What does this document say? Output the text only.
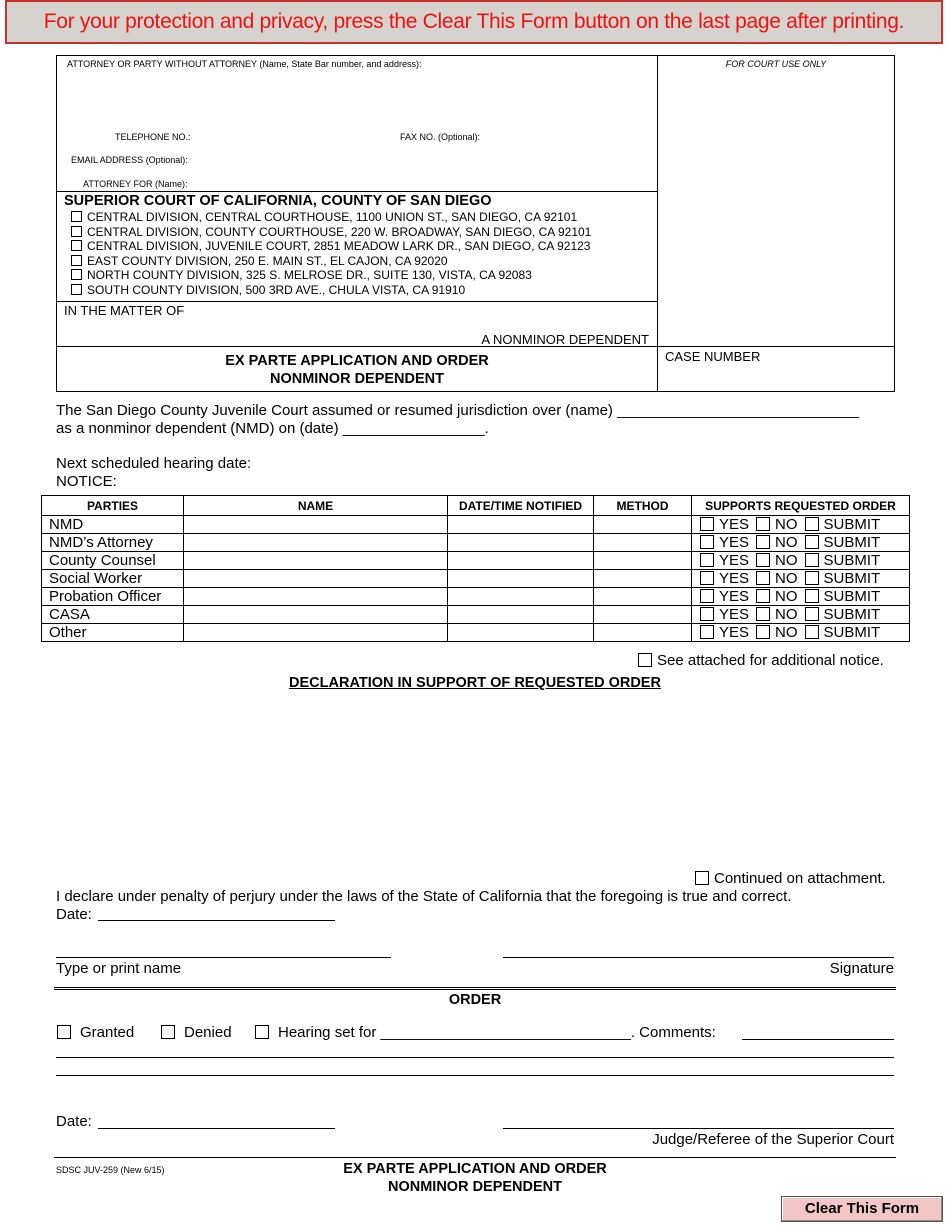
For your protection and privacy, press the Clear This Form button on the last page after printing.
ATTORNEY OR PARTY WITHOUT ATTORNEY (Name, State Bar number, and address):	FOR COURT USE ONLY
TELEPHONE NO.:	FAX NO. (Optional):
EMAIL ADDRESS (Optional):
ATTORNEY FOR (Name):
SUPERIOR COURT OF CALIFORNIA, COUNTY OF SAN DIEGO
CENTRAL DIVISION, CENTRAL COURTHOUSE, 1100 UNION ST., SAN DIEGO, CA 92101
CENTRAL DIVISION, COUNTY COURTHOUSE, 220 W. BROADWAY, SAN DIEGO, CA 92101
CENTRAL DIVISION, JUVENILE COURT, 2851 MEADOW LARK DR., SAN DIEGO, CA 92123
EAST COUNTY DIVISION, 250 E. MAIN ST., EL CAJON, CA 92020
NORTH COUNTY DIVISION, 325 S. MELROSE DR., SUITE 130, VISTA, CA 92083
SOUTH COUNTY DIVISION, 500 3RD AVE., CHULA VISTA, CA 91910
IN THE MATTER OF
A NONMINOR DEPENDENT
EX PARTE APPLICATION AND ORDER
NONMINOR DEPENDENT
CASE NUMBER
The San Diego County Juvenile Court assumed or resumed jurisdiction over (name) _____________________________
as a nonminor dependent (NMD) on (date) _________________.
Next scheduled hearing date:
NOTICE:
PARTIES	NAME	DATE/TIME NOTIFIED	METHOD	SUPPORTS REQUESTED ORDER
NMD				YES NO SUBMIT
NMD’s Attorney				YES NO SUBMIT
County Counsel				YES NO SUBMIT
Social Worker				YES NO SUBMIT
Probation Officer				YES NO SUBMIT
CASA				YES NO SUBMIT
Other				YES NO SUBMIT
See attached for additional notice.
DECLARATION IN SUPPORT OF REQUESTED ORDER
Continued on attachment.
I declare under penalty of perjury under the laws of the State of California that the foregoing is true and correct.
Date:
Type or print name	Signature
ORDER
Granted	Denied	Hearing set for ______________________________. Comments:
Date:
Judge/Referee of the Superior Court
SDSC JUV-259 (New 6/15)	EX PARTE APPLICATION AND ORDER
NONMINOR DEPENDENT
Clear This Form
